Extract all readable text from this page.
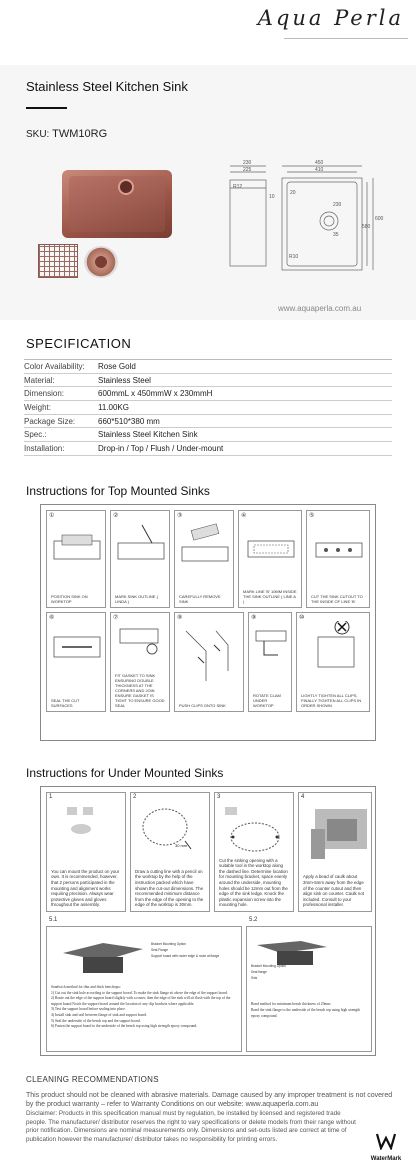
Aqua Perla
Stainless Steel Kitchen Sink
SKU: TWM10RG
230
225
450
410
600
580
10
20
R12
R10
230
35
www.aquaperla.com.au
SPECIFICATION
Color Availability:	Rose Gold
Material:	Stainless Steel
Dimension:	600mmL x 450mmW x 230mmH
Weight:	11.00KG
Package Size:	660*510*380 mm
Spec.:	Stainless Steel Kitchen Sink
Installation:	Drop-in / Top / Flush / Under-mount
Instructions for Top Mounted Sinks
①
POSITION SINK ON WORKTOP
②
MARK SINK OUTLINE ( LINDA )
③
CAREFULLY REMOVE SINK
④
MARK LINE 'B' 10MM INSIDE THE SINK OUTLINE ( LINE A )
⑤
CUT THE SINK CUTOUT TO THE INSIDE OF LINE 'B'
⑥
SEAL THE CUT SURFACES
⑦
FIT GASKET TO SINK ENSURING DOUBLE THICKNESS AT THE CORNERS AND JOIN ENSURE GASKET IS TIGHT TO ENSURE GOOD SEAL
⑧
PUSH CLIPS ONTO SINK
⑨
ROTATE CLAM UNDER WORKTOP
⑩
LIGHTLY TIGHTEN ALL CLIPS, FINALLY TIGHTEN ALL CLIPS IN ORDER SHOWN
Instructions for Under Mounted Sinks
1
You can mount the product on your own. It is recommended, however, that 2 persons participated in the mounting and alignment works requiring precision. Always wear protective gloves and gloves throughout the assembly.
2
30 mm
Draw a cutting line with a pencil on the worktop by the help of the instruction packed which have shown the cut-out dimensions. The recommended minimum distance from the edge of the opening to the edge of the worktop is 30mm.
3
Cut the sinking opening with a suitable tool in the worktop along the dashed line. Determine location for mounting bracket, space evenly around the underside, mounting holes should be 12mm out from the edge of the sink ledge. Knock the plastic expansion screw into the mounting hole.
4
Apply a bead of caulk about 3mm-5mm away from the edge of the counter cutout and then align sink on counter. Caulk not included. Consult to your professional installer.
5.1
Bracket Mounting Option
Seal Flange
Support board with router edge & route at flange
Sandwich method for thin and thick benchtops:
1) Cut out the sink hole according to the support board. To make the sink flange sit above the edge of the support board.
2) Route out the edge of the support board slightly with a router, then the edge of the sink will sit flush with the top of the support board.Notch the support board around the location of any clip brackets where applicable.
3) Test the support board before sealing into place.
4) Install sink and seal between flange of sink and support board.
5) Seal the underside of the bench top and the support board.
6) Fasten the support board to the underside of the bench top using high strength epoxy compound.
5.2
Bracket Mounting Option
Seal flange
Sink
Bond method for minimum bench thickness of 25mm:
Bond the sink flange to the underside of the bench top using high strength epoxy compound.
CLEANING RECOMMENDATIONS
This product should not be cleaned with abrasive materials. Damage caused by any improper treatment is not covered by the product warranty – refer to Warranty Conditions on our website: www.aquaperla.com.au
Disclaimer: Products in this specification manual must by regulation, be installed by licensed and registered trade people. The manufacturer/ distributor reserves the right to vary specifications or delete models from their range without prior notification. Dimensions are nominal measurements only. Dimensions and set-outs listed are correct at time of publication however the manufacturer/ distributor takes no responsibility for printing errors.
WaterMark
